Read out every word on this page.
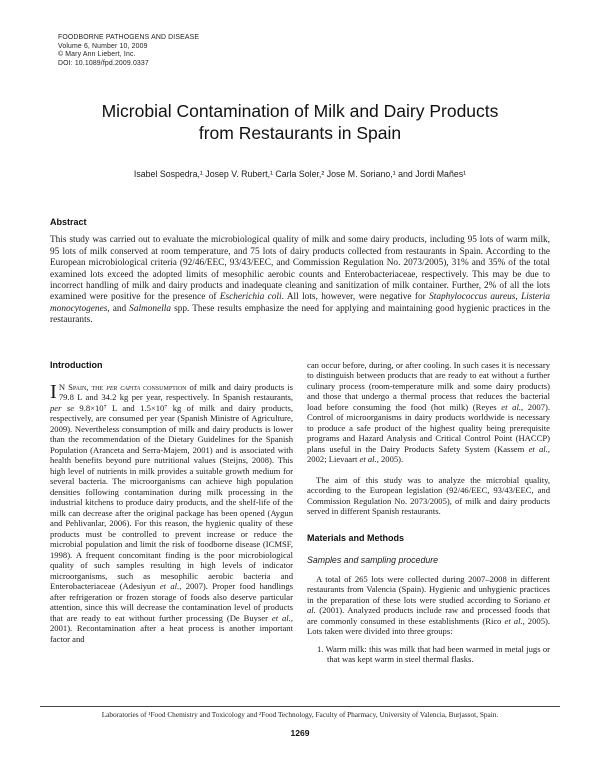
FOODBORNE PATHOGENS AND DISEASE
Volume 6, Number 10, 2009
© Mary Ann Liebert, Inc.
DOI: 10.1089/fpd.2009.0337
Microbial Contamination of Milk and Dairy Products
from Restaurants in Spain
Isabel Sospedra,¹ Josep V. Rubert,¹ Carla Soler,² Jose M. Soriano,¹ and Jordi Mañes¹
Abstract

This study was carried out to evaluate the microbiological quality of milk and some dairy products, including 95 lots of warm milk, 95 lots of milk conserved at room temperature, and 75 lots of dairy products collected from restaurants in Spain. According to the European microbiological criteria (92/46/EEC, 93/43/EEC, and Commission Regulation No. 2073/2005), 31% and 35% of the total examined lots exceed the adopted limits of mesophilic aerobic counts and Enterobacteriaceae, respectively. This may be due to incorrect handling of milk and dairy products and inadequate cleaning and sanitization of milk container. Further, 2% of all the lots examined were positive for the presence of Escherichia coli. All lots, however, were negative for Staphylococcus aureus, Listeria monocytogenes, and Salmonella spp. These results emphasize the need for applying and maintaining good hygienic practices in the restaurants.

Introduction

I N Spain, the per capita consumption of milk and dairy products is 79.8 L and 34.2 kg per year, respectively. In Spanish restaurants, per se 9.8×10⁷ L and 1.5×10⁷ kg of milk and dairy products, respectively, are consumed per year (Spanish Ministre of Agriculture, 2009). Nevertheless consumption of milk and dairy products is lower than the recommendation of the Dietary Guidelines for the Spanish Population (Aranceta and Serra-Majem, 2001) and is associated with health benefits beyond pure nutritional values (Steijns, 2008). This high level of nutrients in milk provides a suitable growth medium for several bacteria. The microorganisms can achieve high population densities following contamination during milk processing in the industrial kitchens to produce dairy products, and the shelf-life of the milk can decrease after the original package has been opened (Aygun and Pehlivanlar, 2006). For this reason, the hygienic quality of these products must be controlled to prevent increase or reduce the microbial population and limit the risk of foodborne disease (ICMSF, 1998). A frequent concomitant finding is the poor microbiological quality of such samples resulting in high levels of indicator microorganisms, such as mesophilic aerobic bacteria and Enterobacteriaceae (Adesiyun et al., 2007). Proper food handlings after refrigeration or frozen storage of foods also deserve particular attention, since this will decrease the contamination level of products that are ready to eat without further processing (De Buyser et al., 2001). Recontamination after a heat process is another important factor and

can occur before, during, or after cooling. In such cases it is necessary to distinguish between products that are ready to eat without a further culinary process (room-temperature milk and some dairy products) and those that undergo a thermal process that reduces the bacterial load before consuming the food (hot milk) (Reyes et al., 2007). Control of microorganisms in dairy products worldwide is necessary to produce a safe product of the highest quality being prerequisite programs and Hazard Analysis and Critical Control Point (HACCP) plans useful in the Dairy Products Safety System (Kassem et al., 2002; Lievaart et al., 2005).

The aim of this study was to analyze the microbial quality, according to the European legislation (92/46/EEC, 93/43/EEC, and Commission Regulation No. 2073/2005), of milk and dairy products served in different Spanish restaurants.

Materials and Methods
Samples and sampling procedure

A total of 265 lots were collected during 2007–2008 in different restaurants from Valencia (Spain). Hygienic and unhygienic practices in the preparation of these lots were studied according to Soriano et al. (2001). Analyzed products include raw and processed foods that are commonly consumed in these establishments (Rico et al., 2005). Lots taken were divided into three groups:

1. Warm milk: this was milk that had been warmed in metal jugs or that was kept warm in steel thermal flasks.
Laboratories of ¹Food Chemistry and Toxicology and ²Food Technology, Faculty of Pharmacy, University of Valencia, Burjassot, Spain.
1269
